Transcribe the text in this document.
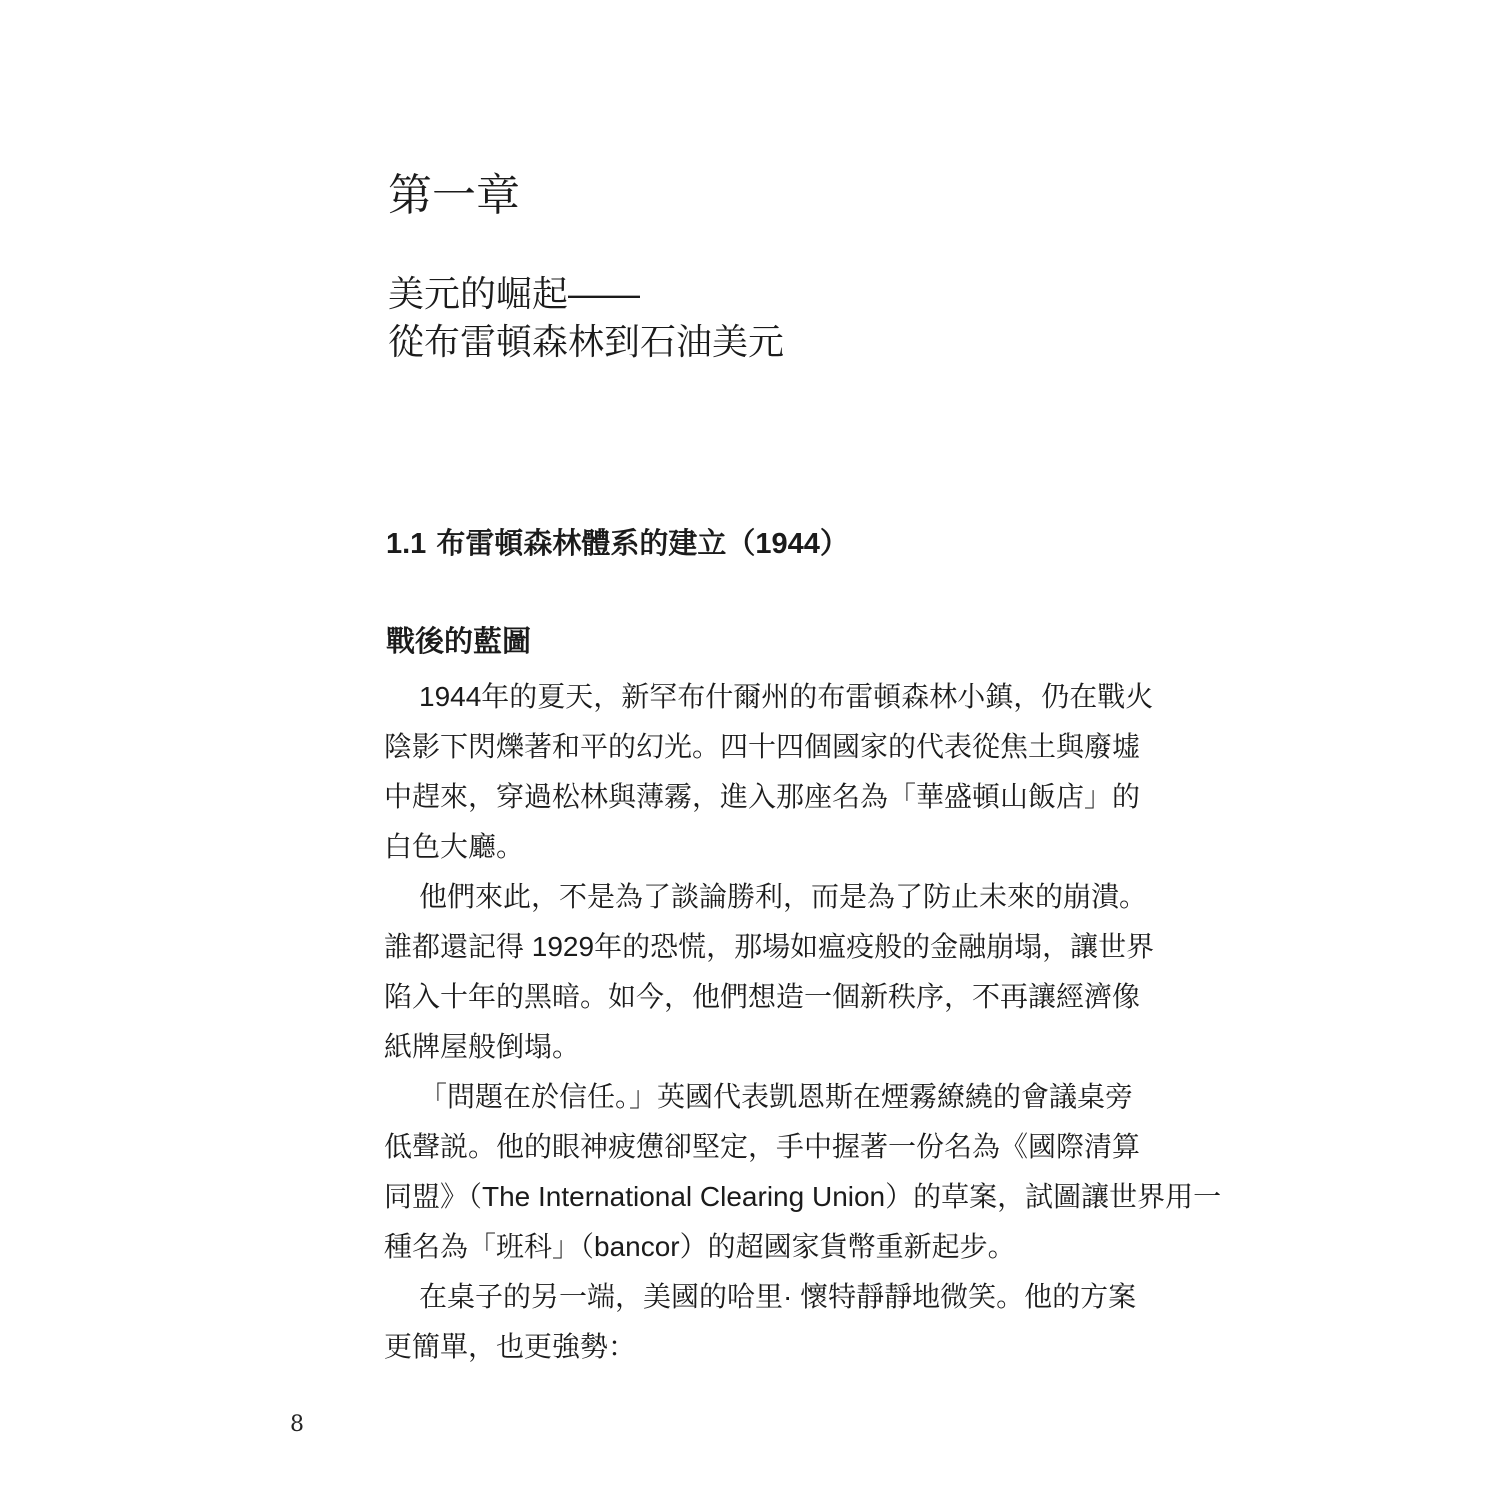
第一章
美元的崛起——
從布雷頓森林到石油美元
1.1 布雷頓森林體系的建立（1944）
戰後的藍圖
1944年的夏天，新罕布什爾州的布雷頓森林小鎮，仍在戰火
陰影下閃爍著和平的幻光。四十四個國家的代表從焦土與廢墟
中趕來，穿過松林與薄霧，進入那座名為「華盛頓山飯店」的
白色大廳。
他們來此，不是為了談論勝利，而是為了防止未來的崩潰。
誰都還記得 1929年的恐慌，那場如瘟疫般的金融崩塌，讓世界
陷入十年的黑暗。如今，他們想造一個新秩序，不再讓經濟像
紙牌屋般倒塌。
「問題在於信任。」英國代表凱恩斯在煙霧繚繞的會議桌旁
低聲説。他的眼神疲憊卻堅定，手中握著一份名為《國際清算
同盟》（The International Clearing Union）的草案，試圖讓世界用一
種名為「班科」（bancor）的超國家貨幣重新起步。
在桌子的另一端，美國的哈里· 懷特靜靜地微笑。他的方案
更簡單，也更強勢：
8
